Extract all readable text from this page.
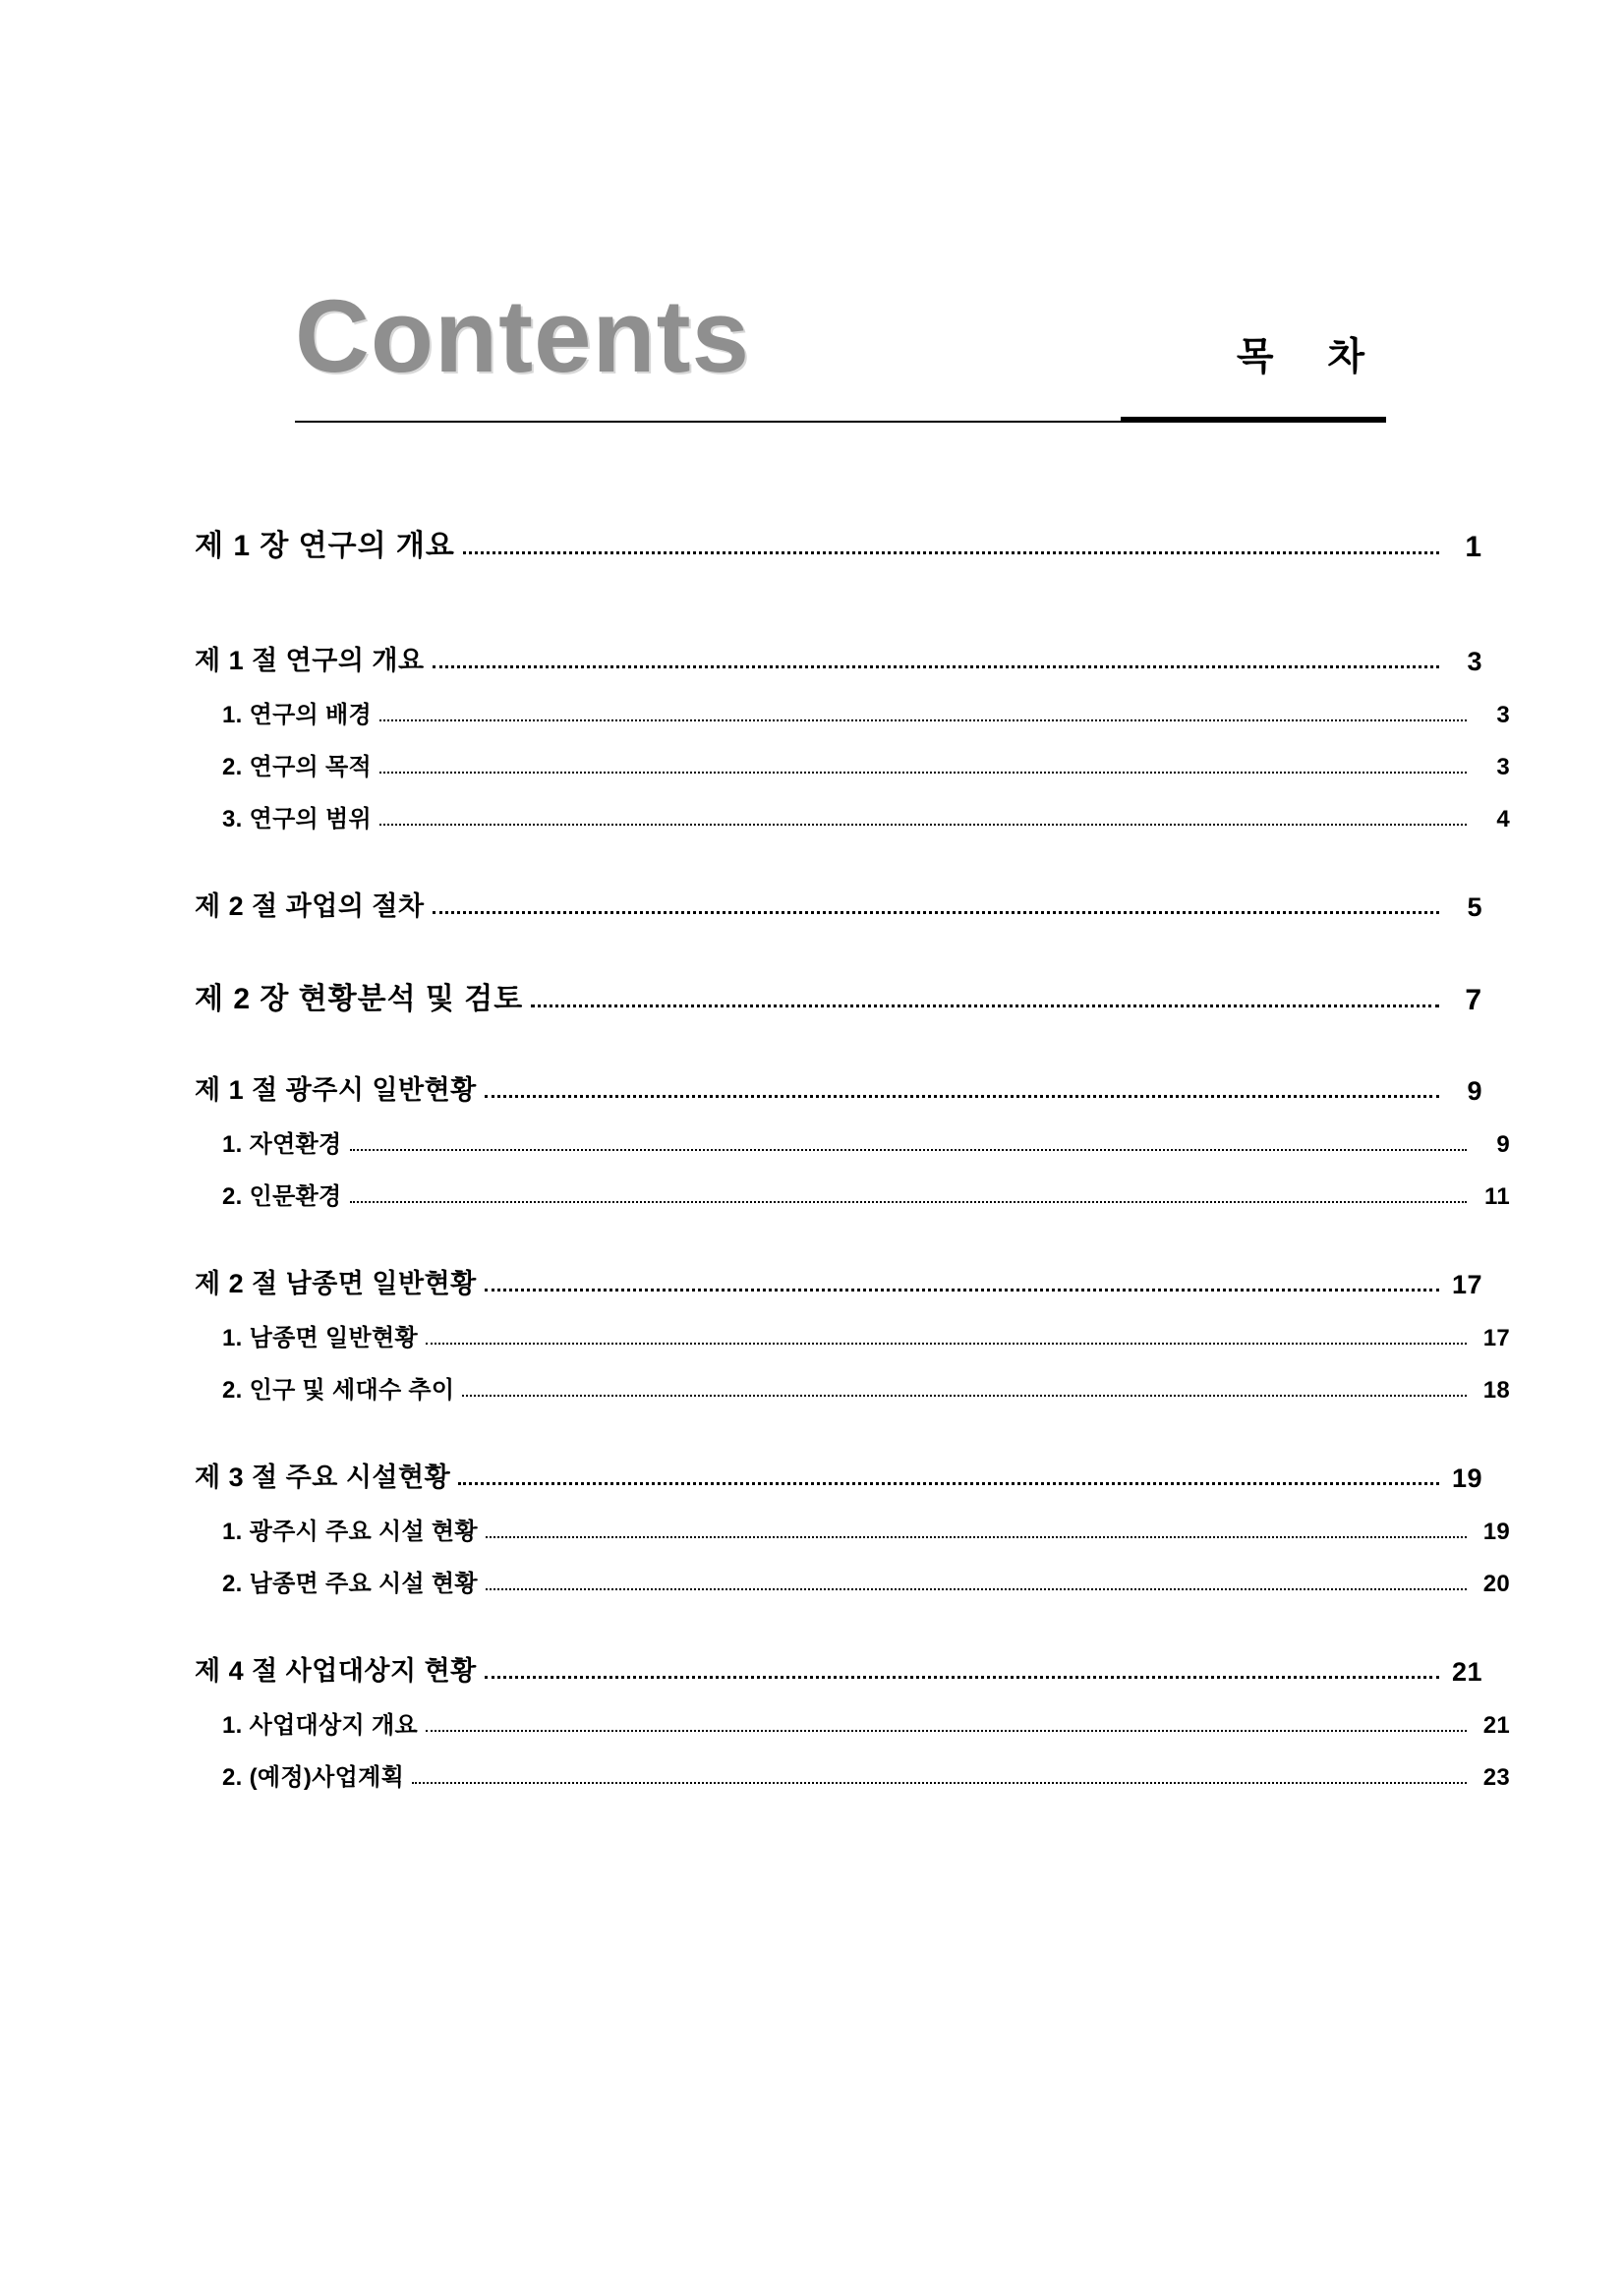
Contents	목 차
제 1 장 연구의 개요	1
제 1 절 연구의 개요	3
1. 연구의 배경	3
2. 연구의 목적	3
3. 연구의 범위	4
제 2 절 과업의 절차	5
제 2 장 현황분석 및 검토	7
제 1 절 광주시 일반현황	9
1. 자연환경	9
2. 인문환경	11
제 2 절 남종면 일반현황	17
1. 남종면 일반현황	17
2. 인구 및 세대수 추이	18
제 3 절 주요 시설현황	19
1. 광주시 주요 시설 현황	19
2. 남종면 주요 시설 현황	20
제 4 절 사업대상지 현황	21
1. 사업대상지 개요	21
2. (예정)사업계획	23
